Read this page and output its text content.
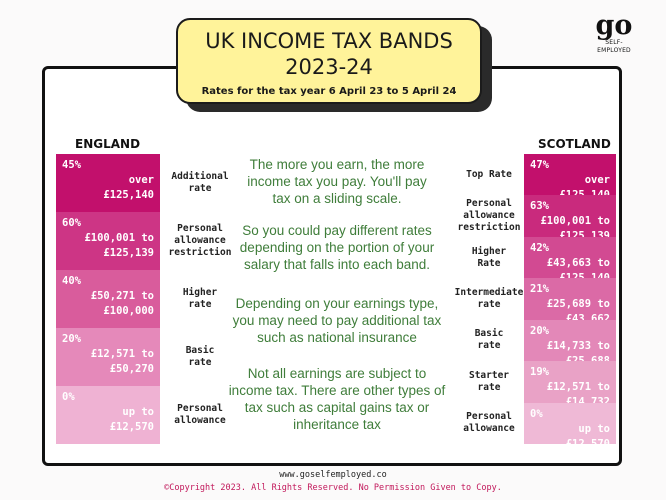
UK INCOME TAX BANDS
2023-24
Rates for the tax year 6 April 23 to 5 April 24
go
SELF-
EMPLOYED
ENGLAND	SCOTLAND
45%
over
£125,140
60%
£100,001 to
£125,139
40%
£50,271 to
£100,000
20%
£12,571 to
£50,270
0%
up to
£12,570
Additional
rate
Personal
allowance
restriction
Higher
rate
Basic
rate
Personal
allowance
47%
over
63%
£100,001 to
42%
£43,663 to
21%
£25,689 to
20%
£14,733 to
19%
£12,571 to
0%
up to
£12,570
Top Rate
Personal
allowance
restriction
Higher
Rate
Intermediate
rate
Basic
rate
Starter
rate
Personal
allowance
The more you earn, the more
income tax you pay. You'll pay
tax on a sliding scale.
So you could pay different rates
depending on the portion of your
salary that falls into each band.
Depending on your earnings type,
you may need to pay additional tax
such as national insurance
Not all earnings are subject to
income tax. There are other types of
tax such as capital gains tax or
inheritance tax
www.goselfemployed.co
©Copyright 2023. All Rights Reserved. No Permission Given to Copy.
